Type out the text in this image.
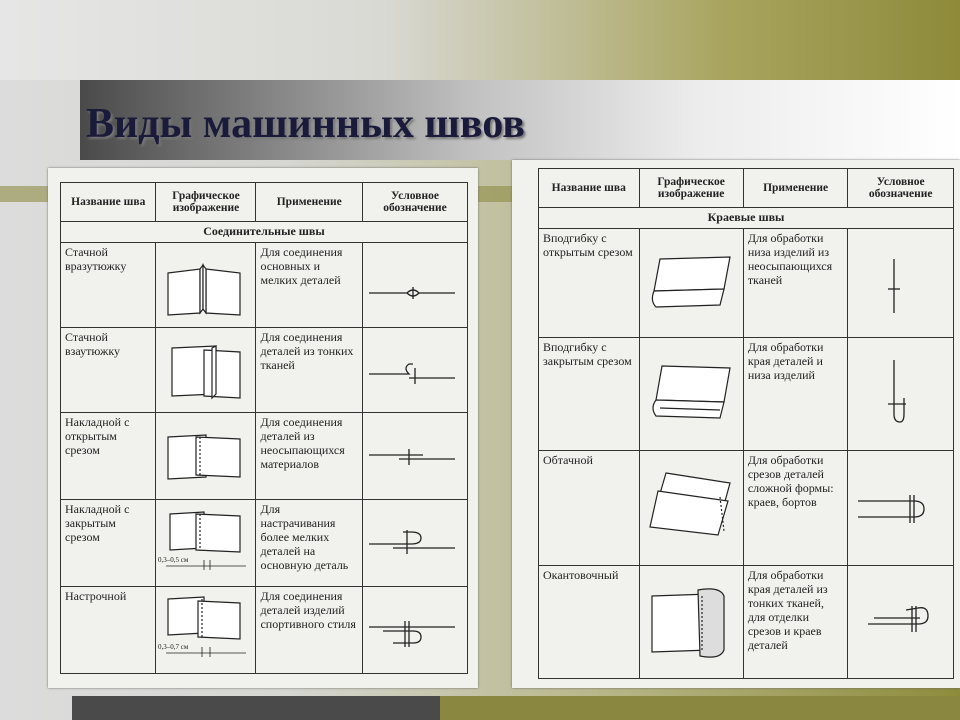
Виды машинных швов
Название шва	Графическое изображение	Применение	Условное обозначение
Соединительные швы			
Стачной вразутюжку		Для соединения основных и мелких деталей	

Стачной взаутюжку		Для соединения деталей из тонких тканей	

Накладной с открытым срезом		Для соединения деталей из неосыпающихся материалов	

Накладной с закрытым срезом	0,3–0,5 см	Для настрачивания более мелких деталей на основную деталь	

Настрочной	0,3–0,7 см	Для соединения деталей изделий спортивного стиля	
Название шва	Графическое изображение	Применение	Условное обозначение
Краевые швы			
Вподгибку с открытым срезом		Для обработки низа изделий из неосыпающихся тканей	

Вподгибку с закрытым срезом		Для обработки края деталей и низа изделий	

Обтачной		Для обработки срезов деталей сложной формы: краев, бортов	

Окантовочный		Для обработки края деталей из тонких тканей, для отделки срезов и краев деталей	
